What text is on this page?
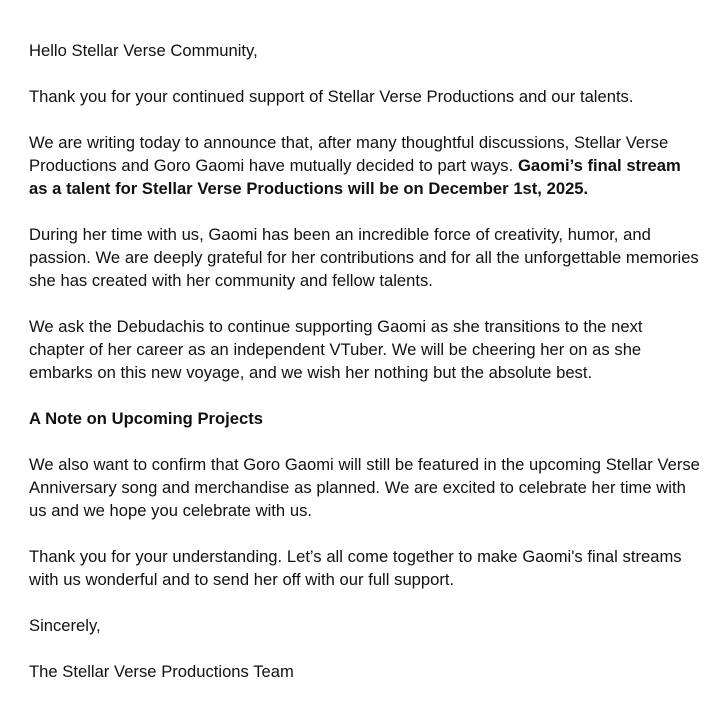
Hello Stellar Verse Community,

Thank you for your continued support of Stellar Verse Productions and our talents.

We are writing today to announce that, after many thoughtful discussions, Stellar Verse Productions and Goro Gaomi have mutually decided to part ways. Gaomi’s final stream as a talent for Stellar Verse Productions will be on December 1st, 2025.

During her time with us, Gaomi has been an incredible force of creativity, humor, and passion. We are deeply grateful for her contributions and for all the unforgettable memories she has created with her community and fellow talents.

We ask the Debudachis to continue supporting Gaomi as she transitions to the next chapter of her career as an independent VTuber. We will be cheering her on as she embarks on this new voyage, and we wish her nothing but the absolute best.

A Note on Upcoming Projects

We also want to confirm that Goro Gaomi will still be featured in the upcoming Stellar Verse Anniversary song and merchandise as planned. We are excited to celebrate her time with us and we hope you celebrate with us.

Thank you for your understanding. Let’s all come together to make Gaomi's final streams with us wonderful and to send her off with our full support.

Sincerely,

The Stellar Verse Productions Team
